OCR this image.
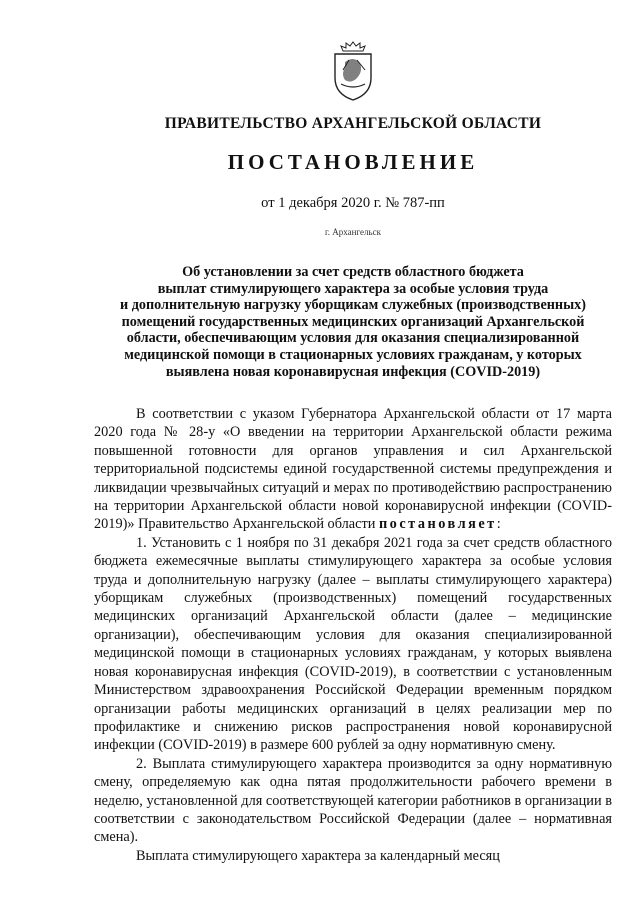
ПРАВИТЕЛЬСТВО АРХАНГЕЛЬСКОЙ ОБЛАСТИ
ПОСТАНОВЛЕНИЕ
от 1 декабря 2020 г. № 787-пп
г. Архангельск
Об установлении за счет средств областного бюджета
выплат стимулирующего характера за особые условия труда
и дополнительную нагрузку уборщикам служебных (производственных)
помещений государственных медицинских организаций Архангельской
области, обеспечивающим условия для оказания специализированной
медицинской помощи в стационарных условиях гражданам, у которых
выявлена новая коронавирусная инфекция (COVID-2019)

В соответствии с указом Губернатора Архангельской области от 17 марта 2020 года № 28-у «О введении на территории Архангельской области режима повышенной готовности для органов управления и сил Архангельской территориальной подсистемы единой государственной системы предупреждения и ликвидации чрезвычайных ситуаций и мерах по противодействию распространению на территории Архангельской области новой коронавирусной инфекции (COVID-2019)» Правительство Архангельской области постановляет:

1. Установить с 1 ноября по 31 декабря 2021 года за счет средств областного бюджета ежемесячные выплаты стимулирующего характера за особые условия труда и дополнительную нагрузку (далее – выплаты стимулирующего характера) уборщикам служебных (производственных) помещений государственных медицинских организаций Архангельской области (далее – медицинские организации), обеспечивающим условия для оказания специализированной медицинской помощи в стационарных условиях гражданам, у которых выявлена новая коронавирусная инфекция (COVID-2019), в соответствии с установленным Министерством здравоохранения Российской Федерации временным порядком организации работы медицинских организаций в целях реализации мер по профилактике и снижению рисков распространения новой коронавирусной инфекции (COVID-2019) в размере 600 рублей за одну нормативную смену.

2. Выплата стимулирующего характера производится за одну нормативную смену, определяемую как одна пятая продолжительности рабочего времени в неделю, установленной для соответствующей категории работников в организации в соответствии с законодательством Российской Федерации (далее – нормативная смена).

Выплата стимулирующего характера за календарный месяц
